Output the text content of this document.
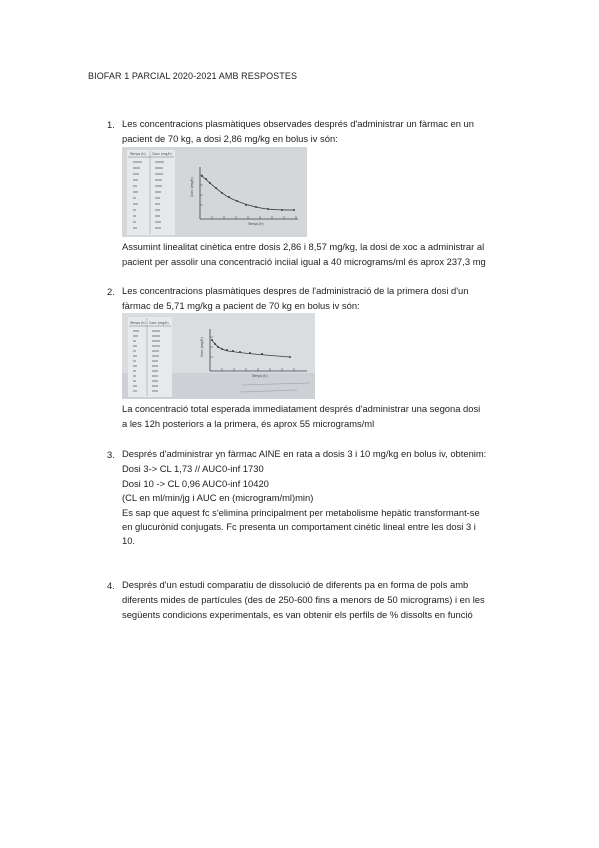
BIOFAR 1 PARCIAL 2020-2021 AMB RESPOSTES
1. Les concentracions plasmàtiques observades després d'administrar un fàrmac en un
pacient de 70 kg, a dosi 2,86 mg/kg en bolus iv són:
Temps (h) Conc (mg/h)
Temps (h)
Conc (mg/h)
Assumint linealitat cinètica entre dosis 2,86 i 8,57 mg/kg, la dosi de xoc a administrar al
pacient per assolir una concentració inciial igual a 40 micrograms/ml és aprox 237,3 mg
2. Les concentracions plasmàtiques despres de l'administració de la primera dosi d'un
fàrmac de 5,71 mg/kg a pacient de 70 kg en bolus iv són:
Temps (h) Conc (mg/h)
Temps (h)
Conc (mg/h)
La concentració total esperada immediatament després d'administrar una segona dosi
a les 12h posteriors a la primera, és aprox 55 micrograms/ml
3. Després d'administrar yn fàrmac AINE en rata a dosis 3 i 10 mg/kg en bolus iv, obtenim:
Dosi 3-> CL 1,73 // AUC0-inf 1730
Dosi 10 -> CL 0,96 AUC0-inf 10420
(CL en ml/min/jg i AUC en (microgram/ml)min)
Es sap que aquest fc s'elimina principalment per metabolisme hepàtic transformant-se
en glucurònid conjugats. Fc presenta un comportament cinètic lineal entre les dosi 3 i
10.
4. Després d'un estudi comparatiu de dissolució de diferents pa en forma de pols amb
diferents mides de partícules (des de 250-600 fins a menors de 50 micrograms) i en les
següents condicions experimentals, es van obtenir els perfils de % dissolts en funció
